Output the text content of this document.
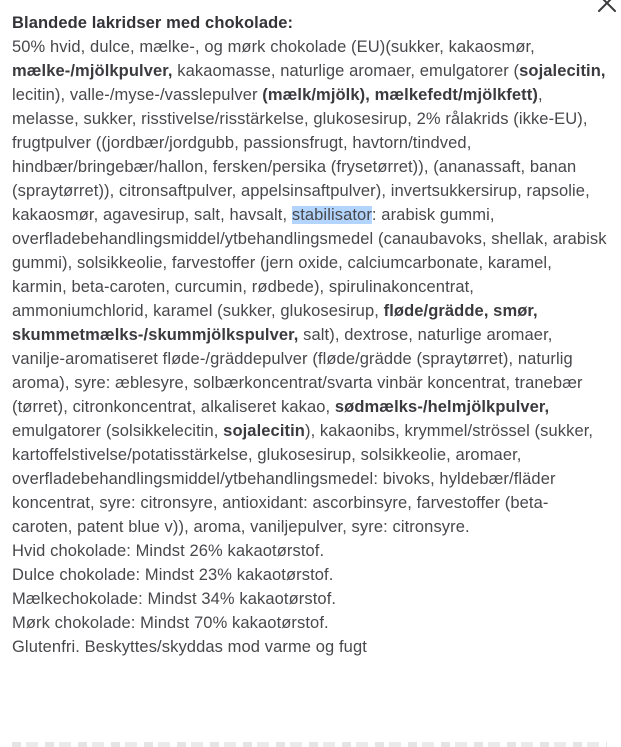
Blandede lakridser med chokolade:

50% hvid, dulce, mælke-, og mørk chokolade (EU)(sukker, kakaosmør, mælke-/mjölkpulver, kakaomasse, naturlige aromaer, emulgatorer (sojalecitin, lecitin), valle-/myse-/vasslepulver (mælk/mjölk), mælkefedt/mjölkfett), melasse, sukker, risstivelse/risstärkelse, glukosesirup, 2% rålakrids (ikke-EU), frugtpulver ((jordbær/jordgubb, passionsfrugt, havtorn/tindved, hindbær/bringebær/hallon, fersken/persika (frysetørret)), (ananassaft, banan (spraytørret)), citronsaftpulver, appelsinsaftpulver), invertsukkersirup, rapsolie, kakaosmør, agavesirup, salt, havsalt, stabilisator: arabisk gummi, overfladebehandlingsmiddel/ytbehandlingsmedel (canaubavoks, shellak, arabisk gummi), solsikkeolie, farvestoffer (jern oxide, calciumcarbonate, karamel, karmin, beta-caroten, curcumin, rødbede), spirulinakoncentrat, ammoniumchlorid, karamel (sukker, glukosesirup, fløde/grädde, smør, skummetmælks-/skummjölkspulver, salt), dextrose, naturlige aromaer, vanilje-aromatiseret fløde-/gräddepulver (fløde/grädde (spraytørret), naturlig aroma), syre: æblesyre, solbærkoncentrat/svarta vinbär koncentrat, tranebær (tørret), citronkoncentrat, alkaliseret kakao, sødmælks-/helmjölkpulver, emulgatorer (solsikkelecitin, sojalecitin), kakaonibs, krymmel/strössel (sukker, kartoffelstivelse/potatisstärkelse, glukosesirup, solsikkeolie, aromaer, overfladebehandlingsmiddel/ytbehandlingsmedel: bivoks, hyldebær/fläder koncentrat, syre: citronsyre, antioxidant: ascorbinsyre, farvestoffer (beta-caroten, patent blue v)), aroma, vaniljepulver, syre: citronsyre.

Hvid chokolade: Mindst 26% kakaotørstof.
Dulce chokolade: Mindst 23% kakaotørstof.
Mælkechokolade: Mindst 34% kakaotørstof.
Mørk chokolade: Mindst 70% kakaotørstof.
Glutenfri. Beskyttes/skyddas mod varme og fugt
